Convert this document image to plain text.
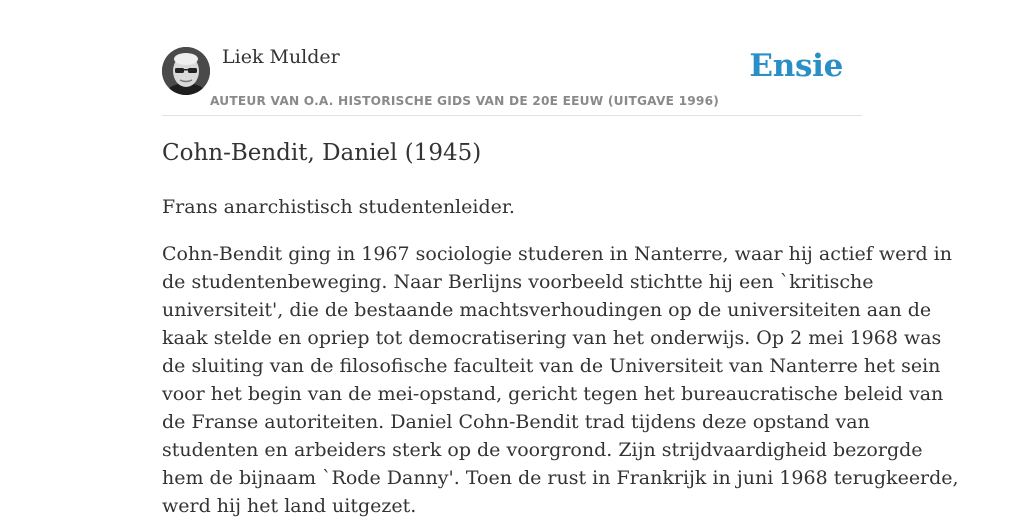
Liek Mulder
AUTEUR VAN O.A. HISTORISCHE GIDS VAN DE 20E EEUW (UITGAVE 1996)
Ensie
Cohn-Bendit, Daniel (1945)

Frans anarchistisch studentenleider.

Cohn-Bendit ging in 1967 sociologie studeren in Nanterre, waar hij actief werd in
de studentenbeweging. Naar Berlijns voorbeeld stichtte hij een `kritische
universiteit', die de bestaande machtsverhoudingen op de universiteiten aan de
kaak stelde en opriep tot democratisering van het onderwijs. Op 2 mei 1968 was
de sluiting van de filosofische faculteit van de Universiteit van Nanterre het sein
voor het begin van de mei-opstand, gericht tegen het bureaucratische beleid van
de Franse autoriteiten. Daniel Cohn-Bendit trad tijdens deze opstand van
studenten en arbeiders sterk op de voorgrond. Zijn strijdvaardigheid bezorgde
hem de bijnaam `Rode Danny'. Toen de rust in Frankrijk in juni 1968 terugkeerde,
werd hij het land uitgezet.
